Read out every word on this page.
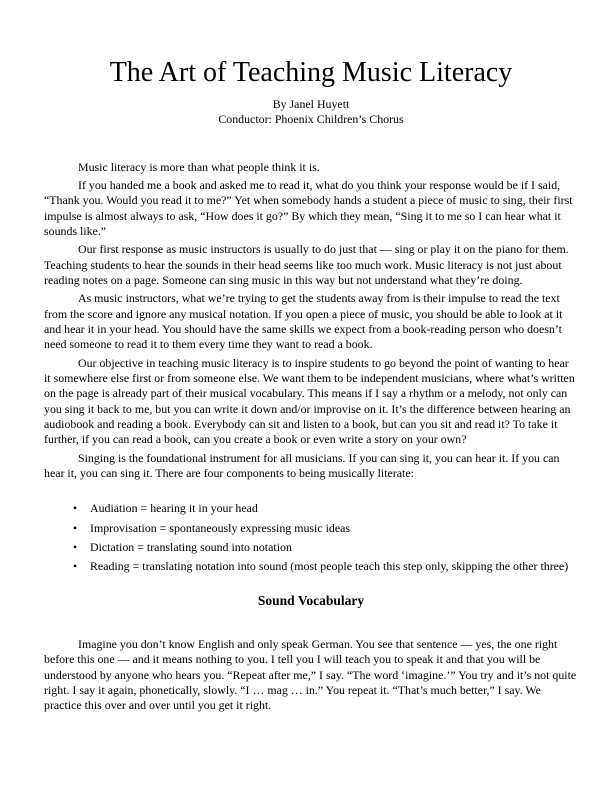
The Art of Teaching Music Literacy
By Janel Huyett
Conductor: Phoenix Children’s Chorus

Music literacy is more than what people think it is.

If you handed me a book and asked me to read it, what do you think your response would be if I said, “Thank you. Would you read it to me?” Yet when somebody hands a student a piece of music to sing, their first impulse is almost always to ask, “How does it go?” By which they mean, “Sing it to me so I can hear what it sounds like.”

Our first response as music instructors is usually to do just that — sing or play it on the piano for them. Teaching students to hear the sounds in their head seems like too much work. Music literacy is not just about reading notes on a page. Someone can sing music in this way but not understand what they’re doing.

As music instructors, what we’re trying to get the students away from is their impulse to read the text from the score and ignore any musical notation. If you open a piece of music, you should be able to look at it and hear it in your head. You should have the same skills we expect from a book-reading person who doesn’t need someone to read it to them every time they want to read a book.

Our objective in teaching music literacy is to inspire students to go beyond the point of wanting to hear it somewhere else first or from someone else. We want them to be independent musicians, where what’s written on the page is already part of their musical vocabulary. This means if I say a rhythm or a melody, not only can you sing it back to me, but you can write it down and/or improvise on it. It’s the difference between hearing an audiobook and reading a book. Everybody can sit and listen to a book, but can you sit and read it? To take it further, if you can read a book, can you create a book or even write a story on your own?

Singing is the foundational instrument for all musicians. If you can sing it, you can hear it. If you can hear it, you can sing it. There are four components to being musically literate:

•	Audiation = hearing it in your head
•	Improvisation = spontaneously expressing music ideas
•	Dictation = translating sound into notation
•	Reading = translating notation into sound (most people teach this step only, skipping the other three)
Sound Vocabulary

Imagine you don’t know English and only speak German. You see that sentence — yes, the one right before this one — and it means nothing to you. I tell you I will teach you to speak it and that you will be understood by anyone who hears you. “Repeat after me,” I say. “The word ‘imagine.’” You try and it’s not quite right. I say it again, phonetically, slowly. “I … mag … in.” You repeat it. “That’s much better,” I say. We practice this over and over until you get it right.
